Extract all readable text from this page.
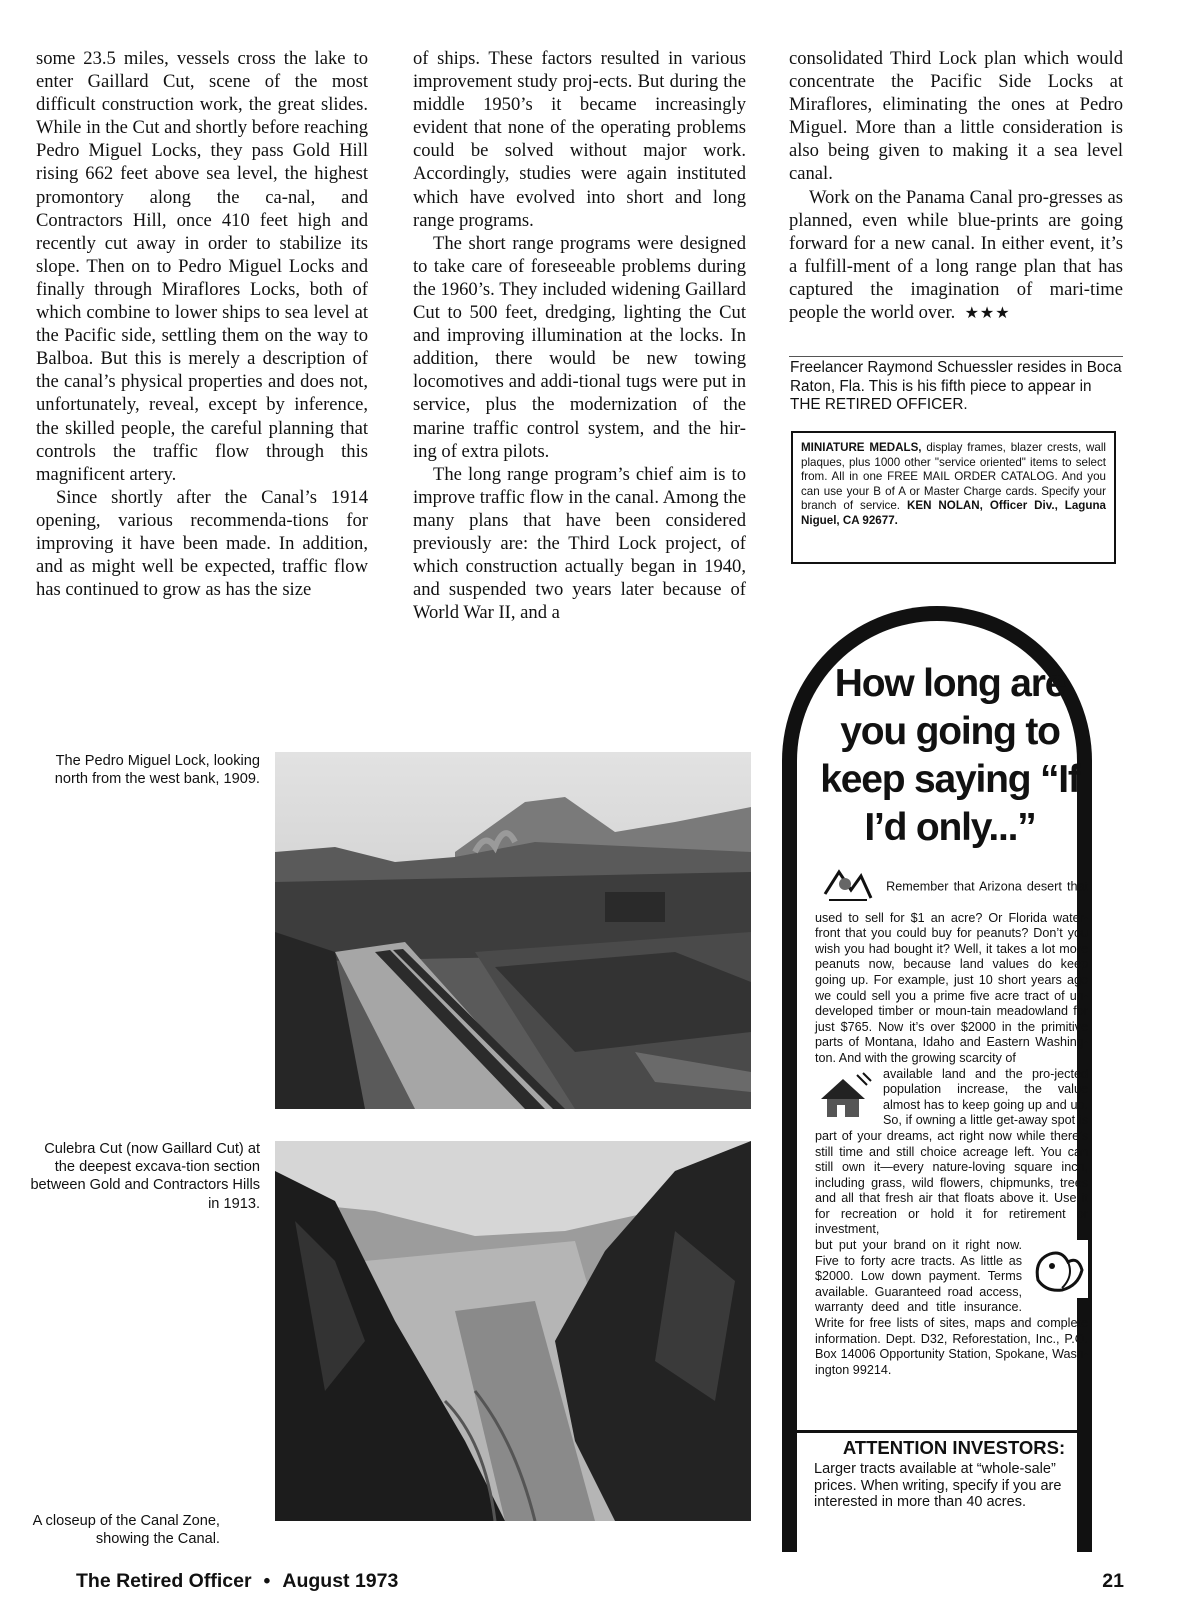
some 23.5 miles, vessels cross the lake to enter Gaillard Cut, scene of the most difficult construction work, the great slides. While in the Cut and shortly before reaching Pedro Miguel Locks, they pass Gold Hill rising 662 feet above sea level, the highest promontory along the ca-nal, and Contractors Hill, once 410 feet high and recently cut away in order to stabilize its slope. Then on to Pedro Miguel Locks and finally through Miraflores Locks, both of which combine to lower ships to sea level at the Pacific side, settling them on the way to Balboa. But this is merely a description of the canal’s physical properties and does not, unfortunately, reveal, except by inference, the skilled people, the careful planning that controls the traffic flow through this magnificent artery.

Since shortly after the Canal’s 1914 opening, various recommenda-tions for improving it have been made. In addition, and as might well be expected, traffic flow has continued to grow as has the size

of ships. These factors resulted in various improvement study proj-ects. But during the middle 1950’s it became increasingly evident that none of the operating problems could be solved without major work. Accordingly, studies were again instituted which have evolved into short and long range programs.

The short range programs were designed to take care of foreseeable problems during the 1960’s. They included widening Gaillard Cut to 500 feet, dredging, lighting the Cut and improving illumination at the locks. In addition, there would be new towing locomotives and addi-tional tugs were put in service, plus the modernization of the marine traffic control system, and the hir-ing of extra pilots.

The long range program’s chief aim is to improve traffic flow in the canal. Among the many plans that have been considered previously are: the Third Lock project, of which construction actually began in 1940, and suspended two years later because of World War II, and a

consolidated Third Lock plan which would concentrate the Pacific Side Locks at Miraflores, eliminating the ones at Pedro Miguel. More than a little consideration is also being given to making it a sea level canal.

Work on the Panama Canal pro-gresses as planned, even while blue-prints are going forward for a new canal. In either event, it’s a fulfill-ment of a long range plan that has captured the imagination of mari-time people the world over. ★★★

Freelancer Raymond Schuessler resides in Boca Raton, Fla. This is his fifth piece to appear in THE RETIRED OFFICER.
MINIATURE MEDALS, display frames, blazer crests, wall plaques, plus 1000 other "service oriented" items to select from. All in one FREE MAIL ORDER CATALOG. And you can use your B of A or Master Charge cards. Specify your branch of service. KEN NOLAN, Officer Div., Laguna Niguel, CA 92677.
The Pedro Miguel Lock, looking north from the west bank, 1909.
Culebra Cut (now Gaillard Cut) at the deepest excava-tion section between Gold and Contractors Hills in 1913.
A closeup of the Canal Zone, showing the Canal.
How long are you going to keep saying “If I’d only...”
Remember that Arizona desert that used to sell for $1 an acre? Or Florida water-front that you could buy for peanuts? Don’t you wish you had bought it? Well, it takes a lot more peanuts now, because land values do keep going up. For example, just 10 short years ago we could sell you a prime five acre tract of un-developed timber or moun-tain meadowland for just $765. Now it’s over $2000 in the primitive parts of Montana, Idaho and Eastern Washing-ton. And with the growing scarcity of

available land and the pro-jected population increase, the value almost has to keep going up and up. So, if owning a little get-away spot is part of your dreams, act right now while there’s still time and still choice acreage left. You can still own it—every nature-loving square inch, including grass, wild flowers, chipmunks, trees and all that fresh air that floats above it. Use it for recreation or hold it for retirement or investment,

but put your brand on it right now. Five to forty acre tracts. As little as $2000. Low down payment. Terms available. Guaranteed road access, warranty deed and title insurance. Write for free lists of sites, maps and complete information. Dept. D32, Reforestation, Inc., P.O. Box 14006 Opportunity Station, Spokane, Wash-ington 99214.
ATTENTION INVESTORS:
Larger tracts available at “whole-sale” prices. When writing, specify if you are interested in more than 40 acres.
The Retired Officer • August 1973	21
